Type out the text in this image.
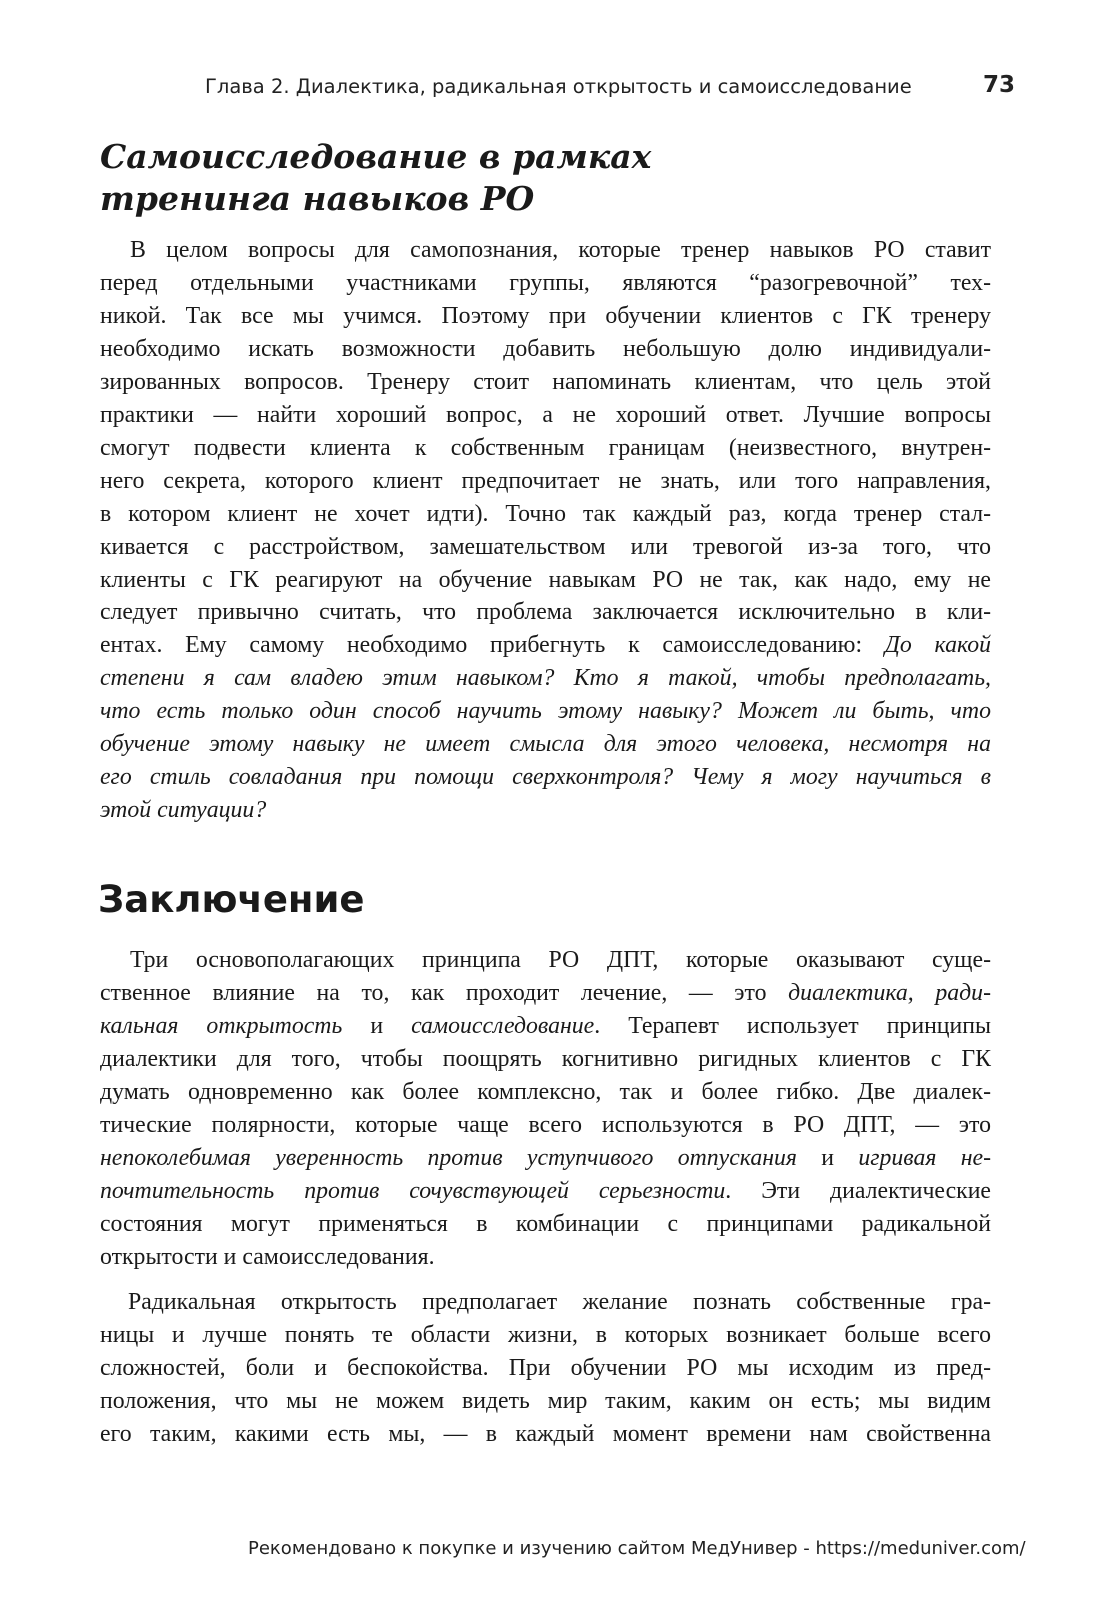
Глава 2. Диалектика, радикальная открытость и самоисследование	73
Самоисследование в рамках
тренинга навыков РО
В целом вопросы для самопознания, которые тренер навыков РО ставит
перед отдельными участниками группы, являются “разогревочной” тех-
никой. Так все мы учимся. Поэтому при обучении клиентов с ГК тренеру
необходимо искать возможности добавить небольшую долю индивидуали-
зированных вопросов. Тренеру стоит напоминать клиентам, что цель этой
практики — найти хороший вопрос, а не хороший ответ. Лучшие вопросы
смогут подвести клиента к собственным границам (неизвестного, внутрен-
него секрета, которого клиент предпочитает не знать, или того направления,
в котором клиент не хочет идти). Точно так каждый раз, когда тренер стал-
кивается с расстройством, замешательством или тревогой из-за того, что
клиенты с ГК реагируют на обучение навыкам РО не так, как надо, ему не
следует привычно считать, что проблема заключается исключительно в кли-
ентах. Ему самому необходимо прибегнуть к самоисследованию: До какой
степени я сам владею этим навыком? Кто я такой, чтобы предполагать,
что есть только один способ научить этому навыку? Может ли быть, что
обучение этому навыку не имеет смысла для этого человека, несмотря на
его стиль совладания при помощи сверхконтроля? Чему я могу научиться в
этой ситуации?
Заключение
Три основополагающих принципа РО ДПТ, которые оказывают суще-
ственное влияние на то, как проходит лечение, — это диалектика, ради-
кальная открытость и самоисследование. Терапевт использует принципы
диалектики для того, чтобы поощрять когнитивно ригидных клиентов с ГК
думать одновременно как более комплексно, так и более гибко. Две диалек-
тические полярности, которые чаще всего используются в РО ДПТ, — это
непоколебимая уверенность против уступчивого отпускания и игривая не-
почтительность против сочувствующей серьезности. Эти диалектические
состояния могут применяться в комбинации с принципами радикальной
открытости и самоисследования.
Радикальная открытость предполагает желание познать собственные гра-
ницы и лучше понять те области жизни, в которых возникает больше всего
сложностей, боли и беспокойства. При обучении РО мы исходим из пред-
положения, что мы не можем видеть мир таким, каким он есть; мы видим
его таким, какими есть мы, — в каждый момент времени нам свойственна
Рекомендовано к покупке и изучению сайтом МедУнивер - https://meduniver.com/
